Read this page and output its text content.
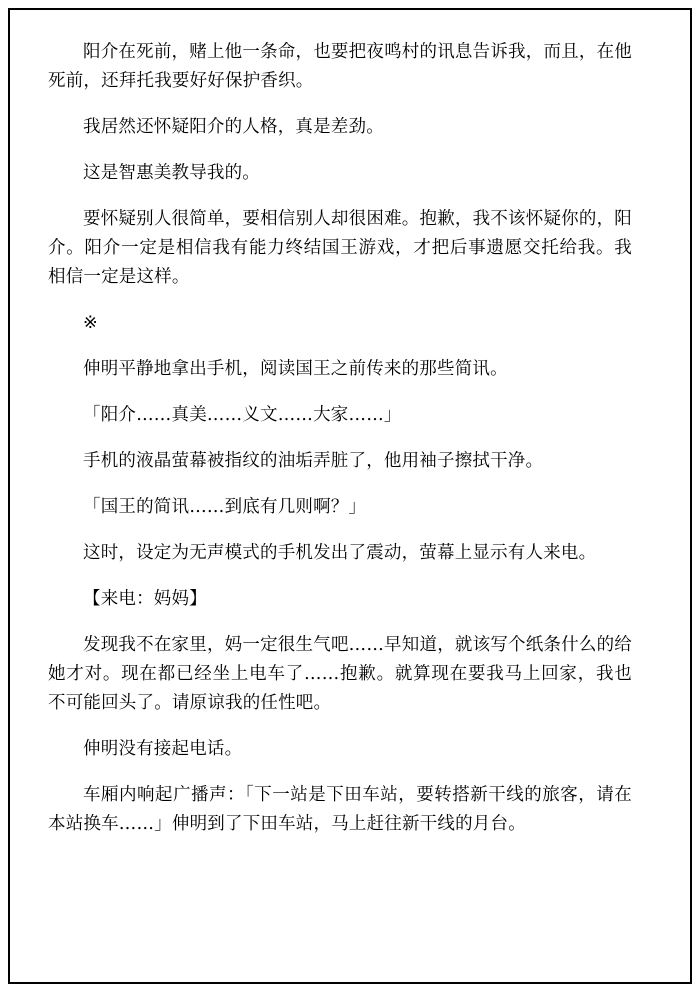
阳介在死前，赌上他一条命，也要把夜鸣村的讯息告诉我，而且，在他死前，还拜托我要好好保护香织。

我居然还怀疑阳介的人格，真是差劲。

这是智惠美教导我的。

要怀疑别人很简单，要相信别人却很困难。抱歉，我不该怀疑你的，阳介。阳介一定是相信我有能力终结国王游戏，才把后事遗愿交托给我。我相信一定是这样。

※

伸明平静地拿出手机，阅读国王之前传来的那些简讯。

「阳介……真美……义文……大家……」

手机的液晶萤幕被指纹的油垢弄脏了，他用袖子擦拭干净。

「国王的简讯……到底有几则啊？」

这时，设定为无声模式的手机发出了震动，萤幕上显示有人来电。

【来电：妈妈】

发现我不在家里，妈一定很生气吧……早知道，就该写个纸条什么的给她才对。现在都已经坐上电车了……抱歉。就算现在要我马上回家，我也不可能回头了。请原谅我的任性吧。

伸明没有接起电话。

车厢内响起广播声：「下一站是下田车站，要转搭新干线的旅客，请在本站换车……」伸明到了下田车站，马上赶往新干线的月台。
